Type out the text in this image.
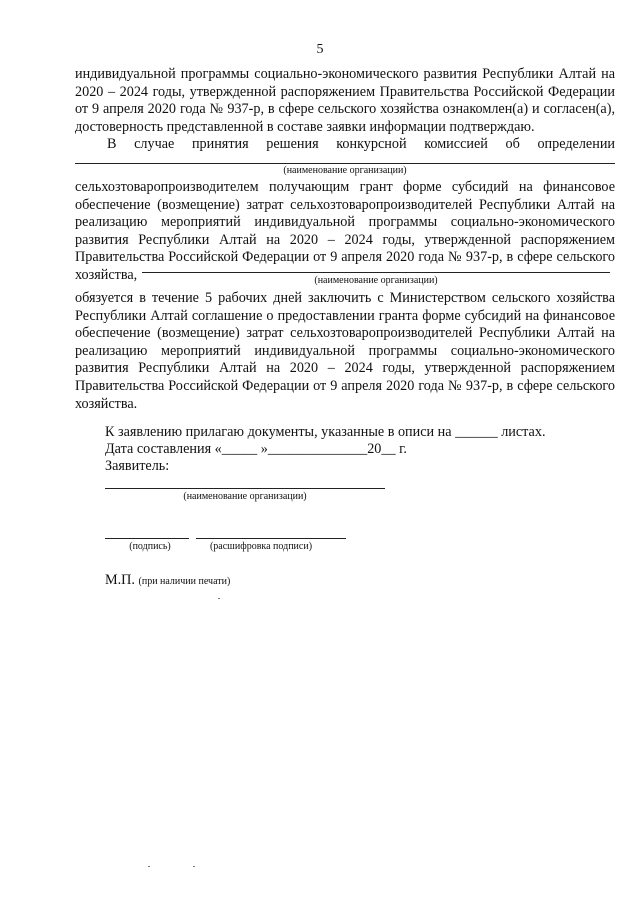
5
индивидуальной программы социально-экономического развития Республики Алтай на
2020 – 2024 годы, утвержденной распоряжением Правительства Российской Федерации
от 9 апреля 2020 года № 937-р, в сфере сельского хозяйства ознакомлен(а) и согласен(а),
достоверность представленной в составе заявки информации подтверждаю.
В случае принятия решения конкурсной комиссией об определении
(наименование организации)
сельхозтоваропроизводителем получающим грант форме субсидий на финансовое
обеспечение (возмещение) затрат сельхозтоваропроизводителей Республики Алтай на
реализацию мероприятий индивидуальной программы социально-экономического
развития Республики Алтай на 2020 – 2024 годы, утвержденной распоряжением
Правительства Российской Федерации от 9 апреля 2020 года № 937-р, в сфере сельского
хозяйства,	(наименование организации)
обязуется в течение 5 рабочих дней заключить с Министерством сельского хозяйства
Республики Алтай соглашение о предоставлении гранта форме субсидий на финансовое
обеспечение (возмещение) затрат сельхозтоваропроизводителей Республики Алтай на
реализацию мероприятий индивидуальной программы социально-экономического
развития Республики Алтай на 2020 – 2024 годы, утвержденной распоряжением
Правительства Российской Федерации от 9 апреля 2020 года № 937-р, в сфере сельского
хозяйства.
К заявлению прилагаю документы, указанные в описи на ______ листах.
Дата составления «_____ »______________20__ г.
Заявитель:
(наименование организации)
(подпись)	(расшифровка подписи)
М.П. (при наличии печати)
